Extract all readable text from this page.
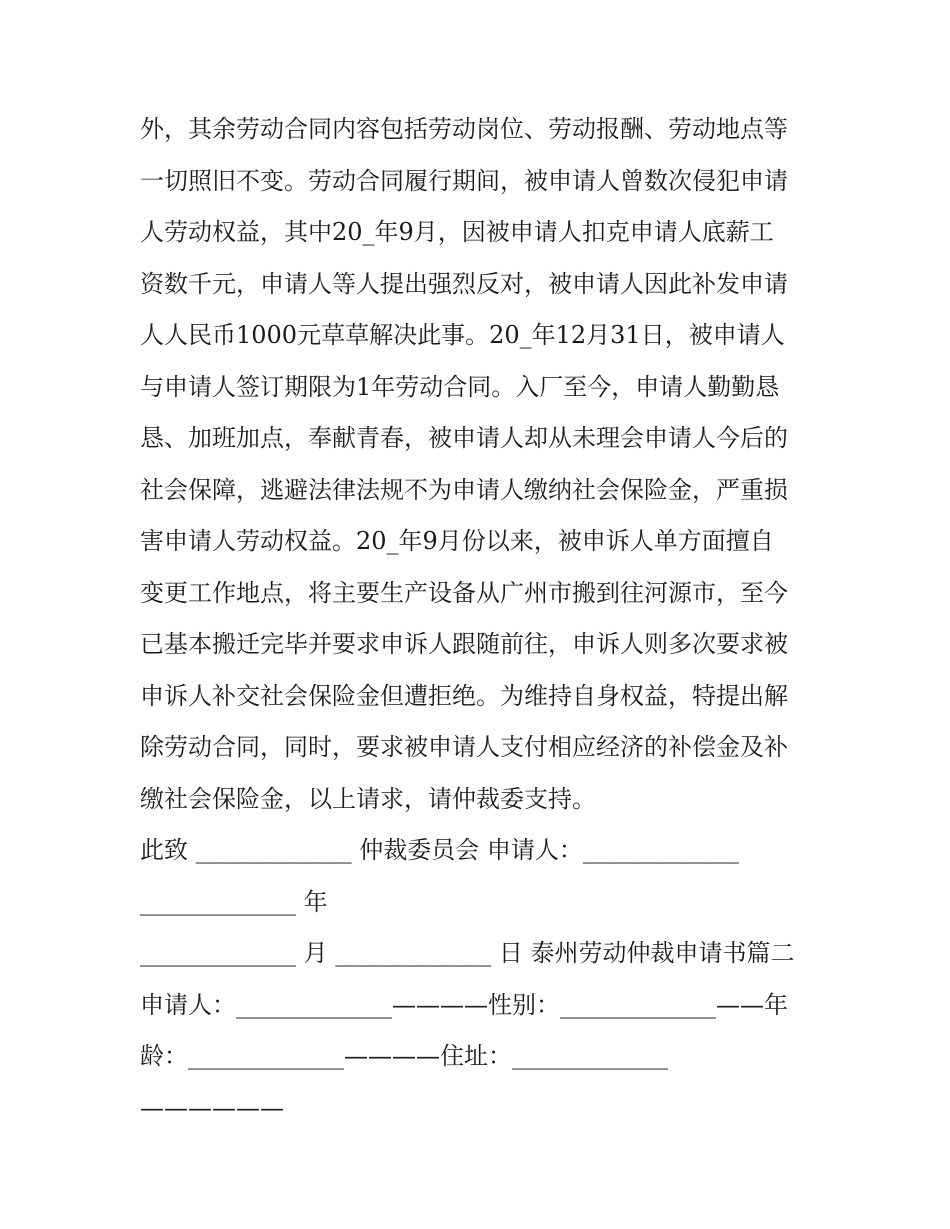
外，其余劳动合同内容包括劳动岗位、劳动报酬、劳动地点等
一切照旧不变。劳动合同履行期间，被申请人曾数次侵犯申请
人劳动权益，其中20_年9月，因被申请人扣克申请人底薪工
资数千元，申请人等人提出强烈反对，被申请人因此补发申请
人人民币1000元草草解决此事。20_年12月31日，被申请人
与申请人签订期限为1年劳动合同。入厂至今，申请人勤勤恳
恳、加班加点，奉献青春，被申请人却从未理会申请人今后的
社会保障，逃避法律法规不为申请人缴纳社会保险金，严重损
害申请人劳动权益。20_年9月份以来，被申诉人单方面擅自
变更工作地点，将主要生产设备从广州市搬到往河源市，至今
已基本搬迁完毕并要求申诉人跟随前往，申诉人则多次要求被
申诉人补交社会保险金但遭拒绝。为维持自身权益，特提出解
除劳动合同，同时，要求被申请人支付相应经济的补偿金及补
缴社会保险金，以上请求，请仲裁委支持。
此致 _____________ 仲裁委员会 申请人：_____________
_____________ 年
_____________ 月 _____________ 日 泰州劳动仲裁申请书篇二
申请人：_____________————性别：_____________——年
龄：_____________————住址：_____________
——————
